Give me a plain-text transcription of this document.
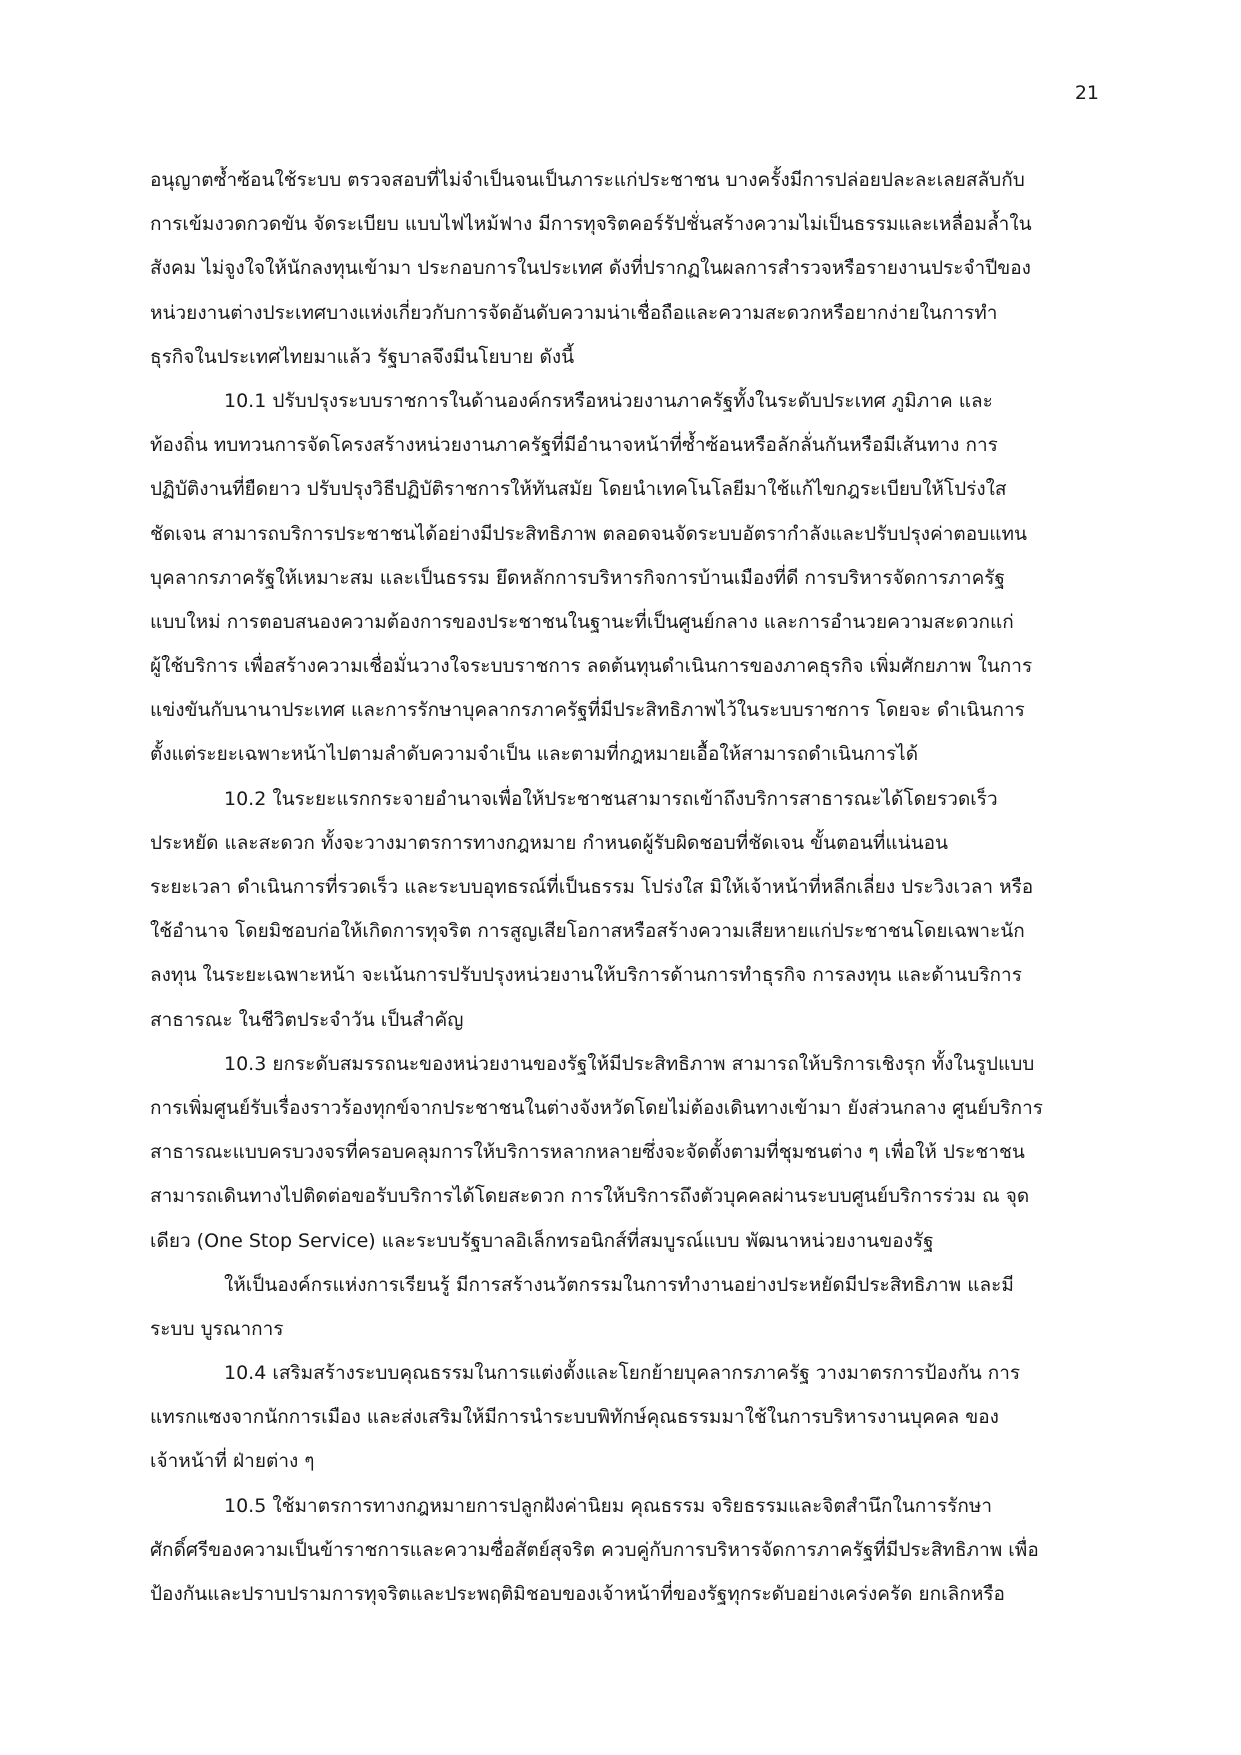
21
อนุญาตซ้ำซ้อนใช้ระบบ ตรวจสอบที่ไม่จำเป็นจนเป็นภาระแก่ประชาชน บางครั้งมีการปล่อยปละละเลยสลับกับ
การเข้มงวดกวดขัน จัดระเบียบ แบบไฟไหม้ฟาง มีการทุจริตคอร์รัปชั่นสร้างความไม่เป็นธรรมและเหลื่อมล้ำใน
สังคม ไม่จูงใจให้นักลงทุนเข้ามา ประกอบการในประเทศ ดังที่ปรากฏในผลการสำรวจหรือรายงานประจำปีของ
หน่วยงานต่างประเทศบางแห่งเกี่ยวกับการจัดอันดับความน่าเชื่อถือและความสะดวกหรือยากง่ายในการทำ
ธุรกิจในประเทศไทยมาแล้ว รัฐบาลจึงมีนโยบาย ดังนี้
10.1 ปรับปรุงระบบราชการในด้านองค์กรหรือหน่วยงานภาครัฐทั้งในระดับประเทศ ภูมิภาค และ
ท้องถิ่น ทบทวนการจัดโครงสร้างหน่วยงานภาครัฐที่มีอำนาจหน้าที่ซ้ำซ้อนหรือลักลั่นกันหรือมีเส้นทาง การ
ปฏิบัติงานที่ยืดยาว ปรับปรุงวิธีปฏิบัติราชการให้ทันสมัย โดยนำเทคโนโลยีมาใช้แก้ไขกฎระเบียบให้โปร่งใส
ชัดเจน สามารถบริการประชาชนได้อย่างมีประสิทธิภาพ ตลอดจนจัดระบบอัตรากำลังและปรับปรุงค่าตอบแทน
บุคลากรภาครัฐให้เหมาะสม และเป็นธรรม ยึดหลักการบริหารกิจการบ้านเมืองที่ดี การบริหารจัดการภาครัฐ
แบบใหม่ การตอบสนองความต้องการของประชาชนในฐานะที่เป็นศูนย์กลาง และการอำนวยความสะดวกแก่
ผู้ใช้บริการ เพื่อสร้างความเชื่อมั่นวางใจระบบราชการ ลดต้นทุนดำเนินการของภาคธุรกิจ เพิ่มศักยภาพ ในการ
แข่งขันกับนานาประเทศ และการรักษาบุคลากรภาครัฐที่มีประสิทธิภาพไว้ในระบบราชการ โดยจะ ดำเนินการ
ตั้งแต่ระยะเฉพาะหน้าไปตามลำดับความจำเป็น และตามที่กฎหมายเอื้อให้สามารถดำเนินการได้
10.2 ในระยะแรกกระจายอำนาจเพื่อให้ประชาชนสามารถเข้าถึงบริการสาธารณะได้โดยรวดเร็ว
ประหยัด และสะดวก ทั้งจะวางมาตรการทางกฎหมาย กำหนดผู้รับผิดชอบที่ชัดเจน ขั้นตอนที่แน่นอน
ระยะเวลา ดำเนินการที่รวดเร็ว และระบบอุทธรณ์ที่เป็นธรรม โปร่งใส มิให้เจ้าหน้าที่หลีกเลี่ยง ประวิงเวลา หรือ
ใช้อำนาจ โดยมิชอบก่อให้เกิดการทุจริต การสูญเสียโอกาสหรือสร้างความเสียหายแก่ประชาชนโดยเฉพาะนัก
ลงทุน ในระยะเฉพาะหน้า จะเน้นการปรับปรุงหน่วยงานให้บริการด้านการทำธุรกิจ การลงทุน และด้านบริการ
สาธารณะ ในชีวิตประจำวัน เป็นสำคัญ
10.3 ยกระดับสมรรถนะของหน่วยงานของรัฐให้มีประสิทธิภาพ สามารถให้บริการเชิงรุก ทั้งในรูปแบบ
การเพิ่มศูนย์รับเรื่องราวร้องทุกข์จากประชาชนในต่างจังหวัดโดยไม่ต้องเดินทางเข้ามา ยังส่วนกลาง ศูนย์บริการ
สาธารณะแบบครบวงจรที่ครอบคลุมการให้บริการหลากหลายซึ่งจะจัดตั้งตามที่ชุมชนต่าง ๆ เพื่อให้ ประชาชน
สามารถเดินทางไปติดต่อขอรับบริการได้โดยสะดวก การให้บริการถึงตัวบุคคลผ่านระบบศูนย์บริการร่วม ณ จุด
เดียว (One Stop Service) และระบบรัฐบาลอิเล็กทรอนิกส์ที่สมบูรณ์แบบ พัฒนาหน่วยงานของรัฐ
ให้เป็นองค์กรแห่งการเรียนรู้ มีการสร้างนวัตกรรมในการทำงานอย่างประหยัดมีประสิทธิภาพ และมี
ระบบ บูรณาการ
10.4 เสริมสร้างระบบคุณธรรมในการแต่งตั้งและโยกย้ายบุคลากรภาครัฐ วางมาตรการป้องกัน การ
แทรกแซงจากนักการเมือง และส่งเสริมให้มีการนำระบบพิทักษ์คุณธรรมมาใช้ในการบริหารงานบุคคล ของ
เจ้าหน้าที่ ฝ่ายต่าง ๆ
10.5 ใช้มาตรการทางกฎหมายการปลูกฝังค่านิยม คุณธรรม จริยธรรมและจิตสำนึกในการรักษา
ศักดิ์ศรีของความเป็นข้าราชการและความซื่อสัตย์สุจริต ควบคู่กับการบริหารจัดการภาครัฐที่มีประสิทธิภาพ เพื่อ
ป้องกันและปราบปรามการทุจริตและประพฤติมิชอบของเจ้าหน้าที่ของรัฐทุกระดับอย่างเคร่งครัด ยกเลิกหรือ
